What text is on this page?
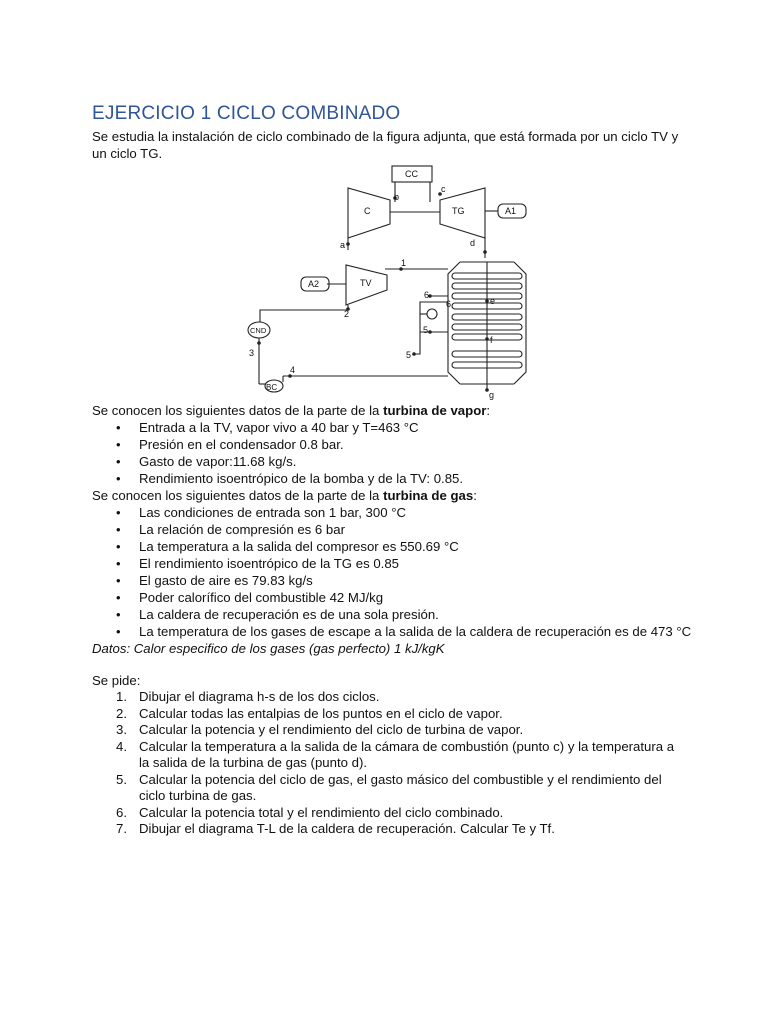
EJERCICIO 1 CICLO COMBINADO
Se estudia la instalación de ciclo combinado de la figura adjunta, que está formada por un ciclo TV y un ciclo TG.
CC
C	TG	A1
A2	TV
CND
BC
a
b
c
d
1
2
3
4
6
6
5
5
e
f
g
Se conocen los siguientes datos de la parte de la turbina de vapor:
• Entrada a la TV, vapor vivo a 40 bar y T=463 °C
• Presión en el condensador 0.8 bar.
• Gasto de vapor:11.68 kg/s.
• Rendimiento isoentrópico de la bomba y de la TV: 0.85.
Se conocen los siguientes datos de la parte de la turbina de gas:
• Las condiciones de entrada son 1 bar, 300 °C
• La relación de compresión es 6 bar
• La temperatura a la salida del compresor es 550.69 °C
• El rendimiento isoentrópico de la TG es 0.85
• El gasto de aire es 79.83 kg/s
• Poder calorífico del combustible 42 MJ/kg
• La caldera de recuperación es de una sola presión.
• La temperatura de los gases de escape a la salida de la caldera de recuperación es de 473 °C
Datos: Calor especifico de los gases (gas perfecto) 1 kJ/kgK
Se pide:
1. Dibujar el diagrama h-s de los dos ciclos.
2. Calcular todas las entalpias de los puntos en el ciclo de vapor.
3. Calcular la potencia y el rendimiento del ciclo de turbina de vapor.
4. Calcular la temperatura a la salida de la cámara de combustión (punto c) y la temperatura a la salida de la turbina de gas (punto d).
5. Calcular la potencia del ciclo de gas, el gasto másico del combustible y el rendimiento del ciclo turbina de gas.
6. Calcular la potencia total y el rendimiento del ciclo combinado.
7. Dibujar el diagrama T-L de la caldera de recuperación. Calcular Te y Tf.
